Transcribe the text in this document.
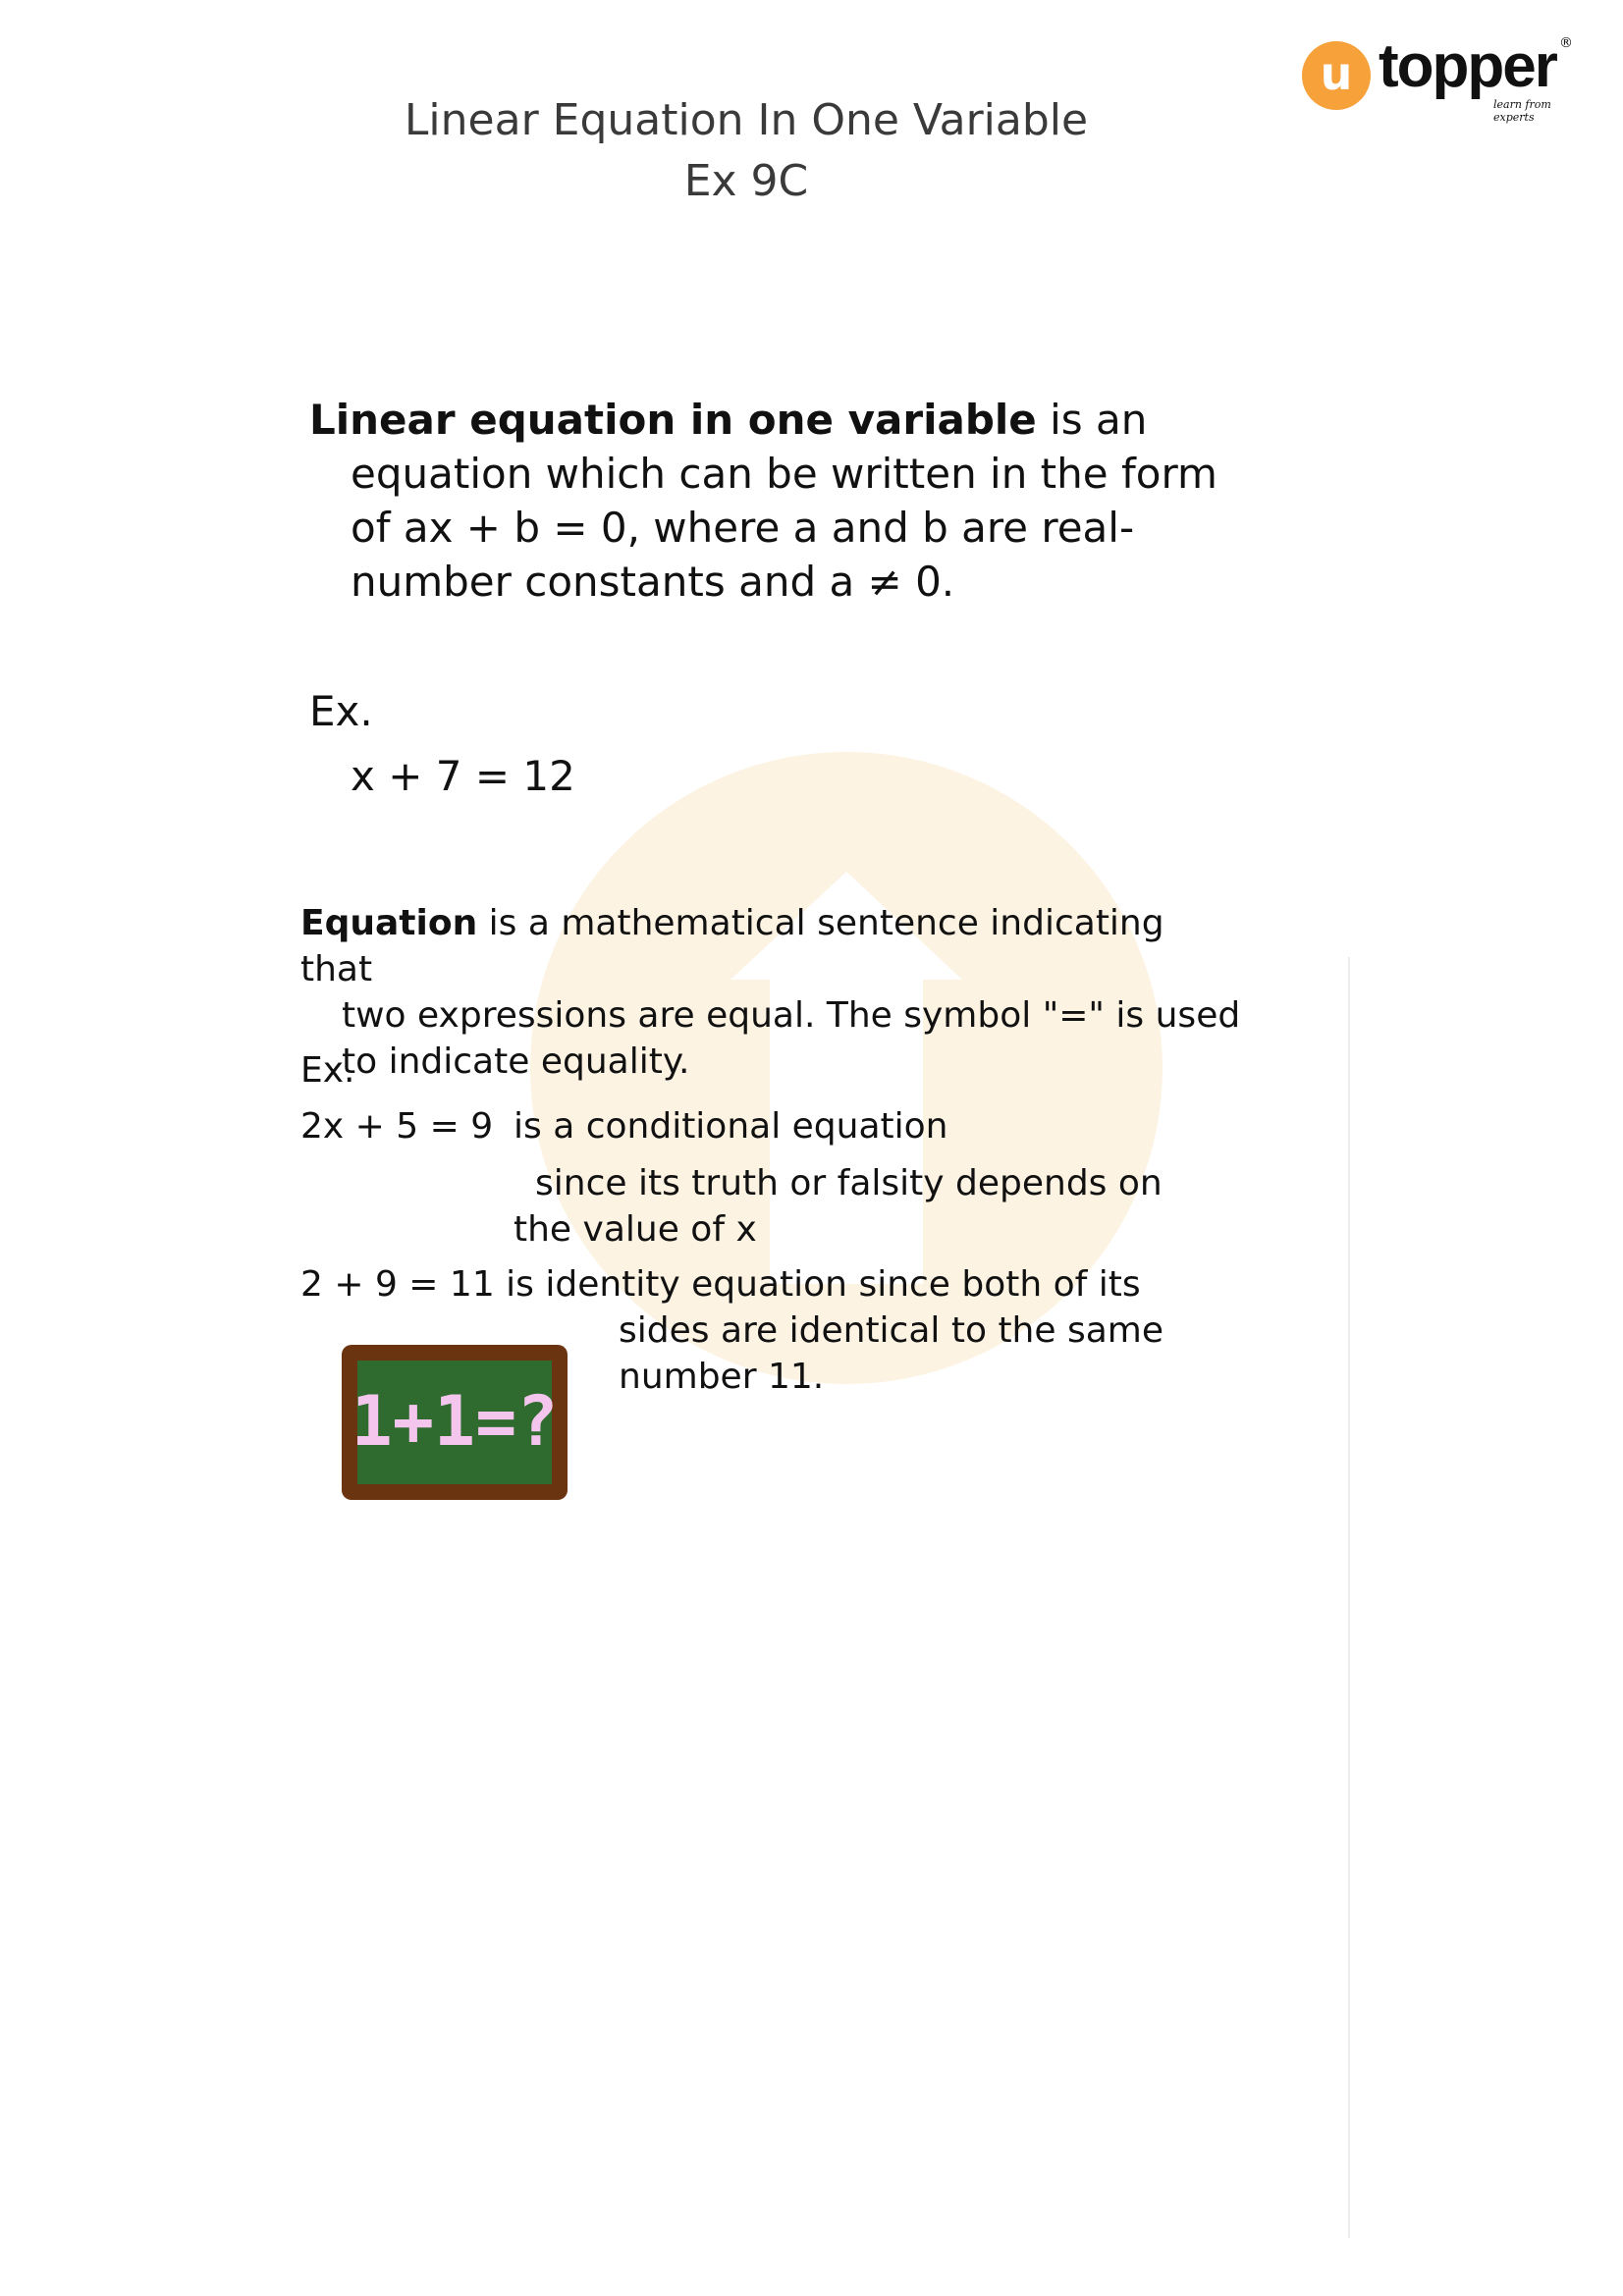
u topper ®
learn from experts
Linear Equation In One Variable
Ex 9C
Linear equation in one variable is an
equation which can be written in the form
of ax + b = 0, where a and b are real-
number constants and a ≠ 0.
Ex.
x + 7 = 12
Equation is a mathematical sentence indicating that
two expressions are equal. The symbol "=" is used
to indicate equality.
Ex.
2x + 5 = 9 is a conditional equation
since its truth or falsity depends on
the value of x
2 + 9 = 11 is identity equation since both of its
sides are identical to the same
number 11.
1+1=?
